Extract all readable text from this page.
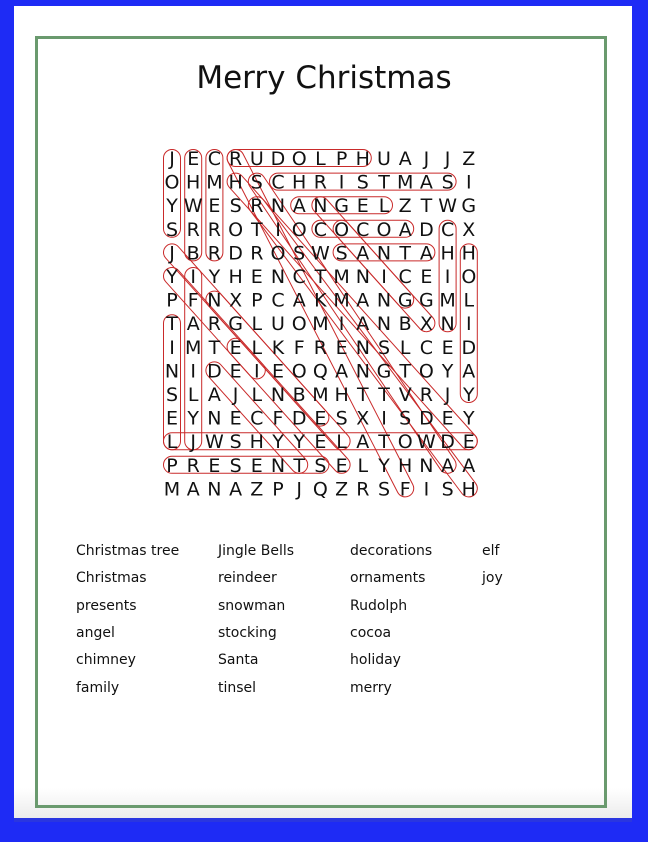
Merry Christmas
J E C R U D O L P H U A J J Z
O H M H S C H R I S T M A S I
Y W E S R N A N G E L Z T W G
S R R O T I O C O C O A D C X
J B R D R O S W S A N T A H H
Y I Y H E N C T M N I C E I O
P F N X P C A K M A N G G M L
T A R G L U O M I A N B X N I
I M T E L K F R E N S L C E D
N I D E I E O Q A N G T O Y A
S L A J L N B M H T T V R J Y
E Y N E C F D E S X I S D E Y
L J W S H Y Y E L A T O W D E
P R E S E N T S E L Y H N A A
M A N A Z P J Q Z R S F I S H
Christmas tree	Jingle Bells	decorations	elf
Christmas	reindeer	ornaments	joy
presents	snowman	Rudolph
angel	stocking	cocoa
chimney	Santa	holiday
family	tinsel	merry
